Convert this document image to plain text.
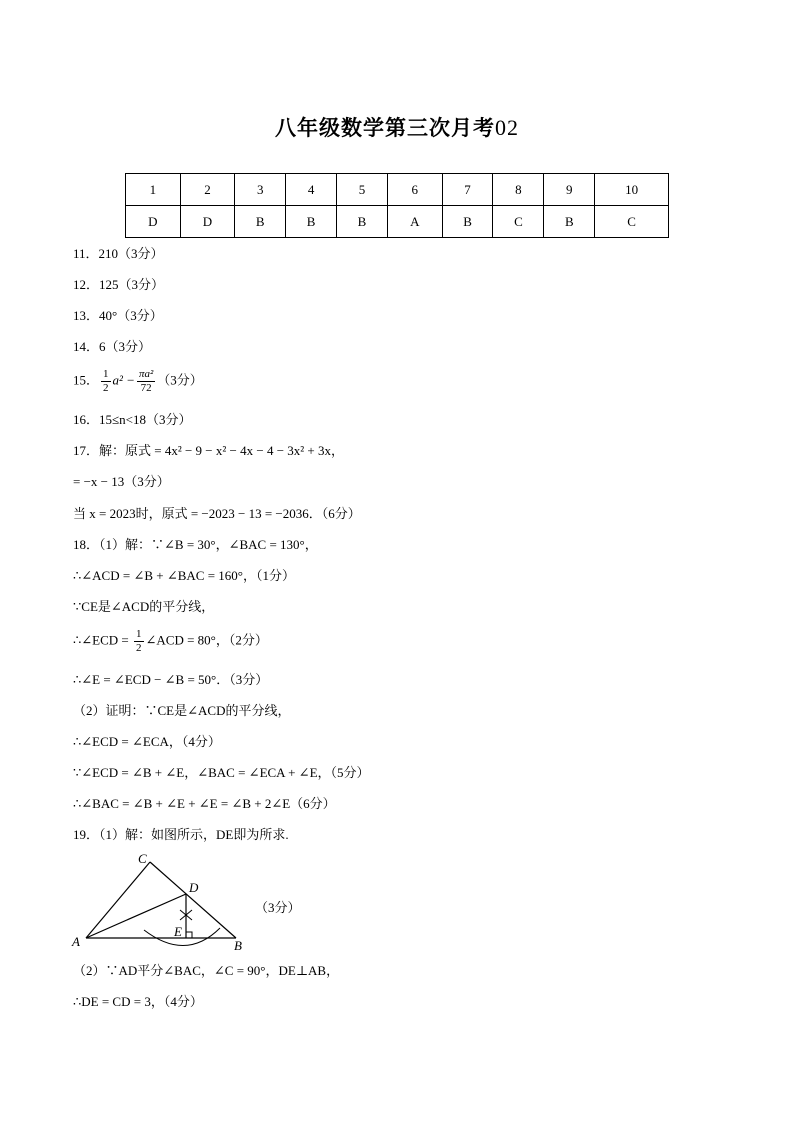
八年级数学第三次月考02
1	2	3	4	5	6	7	8	9	10
D	D	B	B	B	A	B	C	B	C
11．210（3分）
12．125（3分）
13．40°（3分）
14．6（3分）
15． $\frac{1}{2} a^2 - \frac{\text{πa²}}{72} (3$分）
16．15≤n<18（3分）
17．解：原式 = 4x² − 9 − x² − 4x − 4 − 3x² + 3x，
= −x − 13（3分）
当 x = 2023时，原式 = −2023 − 13 = −2036．（6分）
18．（1）解：∵∠B = 30°，∠BAC = 130°，
∴∠ACD = ∠B + ∠BAC = 160°，（1分）
∵CE是∠ACD的平分线，
∴∠ECD = $\frac{1}{2}$ ∠ACD = 80°，（2分）
∴∠E = ∠ECD − ∠B = 50°．（3分）
（2）证明：∵CE是∠ACD的平分线，
∴∠ECD = ∠ECA，（4分）
∵∠ECD = ∠B + ∠E，∠BAC = ∠ECA + ∠E，（5分）
∴∠BAC = ∠B + ∠E + ∠E = ∠B + 2∠E（6分）
19．（1）解：如图所示，DE即为所求.
A	B
C
D
E
（3分）
（2）∵AD平分∠BAC，∠C = 90°，DE⊥AB，
∴DE = CD = 3，（4分）
